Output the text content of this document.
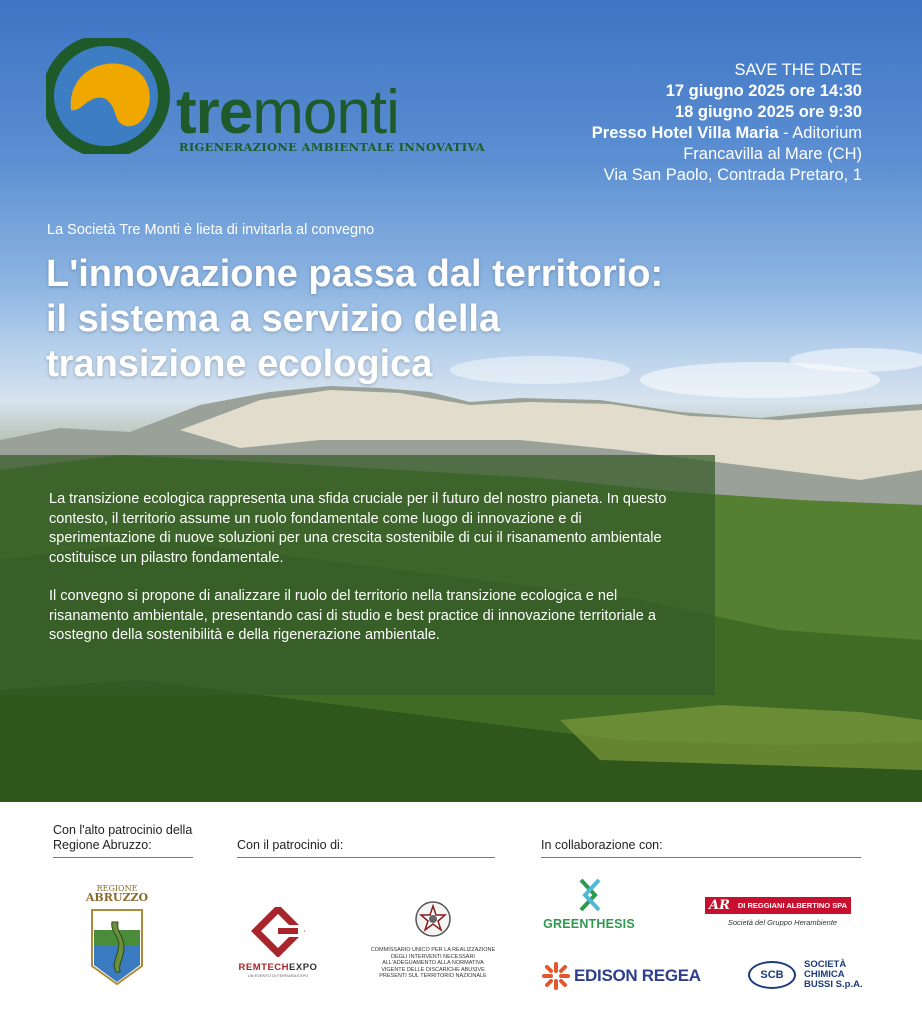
tremonti
RIGENERAZIONE AMBIENTALE INNOVATIVA
SAVE THE DATE
17 giugno 2025 ore 14:30
18 giugno 2025 ore 9:30
Presso Hotel Villa Maria - Aditorium
Francavilla al Mare (CH)
Via San Paolo, Contrada Pretaro, 1
La Società Tre Monti è lieta di invitarla al convegno
L'innovazione passa dal territorio:
il sistema a servizio della
transizione ecologica
La transizione ecologica rappresenta una sfida cruciale per il futuro del nostro pianeta. In questo contesto, il territorio assume un ruolo fondamentale come luogo di innovazione e di sperimentazione di nuove soluzioni per una crescita sostenibile di cui il risanamento ambientale costituisce un pilastro fondamentale.
Il convegno si propone di analizzare il ruolo del territorio nella transizione ecologica e nel risanamento ambientale, presentando casi di studio e best practice di innovazione territoriale a sostegno della sostenibilità e della rigenerazione ambientale.
Con l'alto patrocinio della Regione Abruzzo:	Con il patrocinio di:	In collaborazione con:
REGIONE
ABRUZZO
REMTECHEXPO
UN EVENTO DI FERRARA EXPO
COMMISSARIO UNICO PER LA REALIZZAZIONE DEGLI INTERVENTI NECESSARI ALL'ADEGUAMENTO ALLA NORMATIVA VIGENTE DELLE DISCARICHE ABUSIVE PRESENTI SUL TERRITORIO NAZIONALE
GREENTHESIS
AR	DI REGGIANI ALBERTINO SPA
Società del Gruppo Herambiente
EDISON REGEA	SCB
SOCIETÀ
CHIMICA
BUSSI S.p.A.
